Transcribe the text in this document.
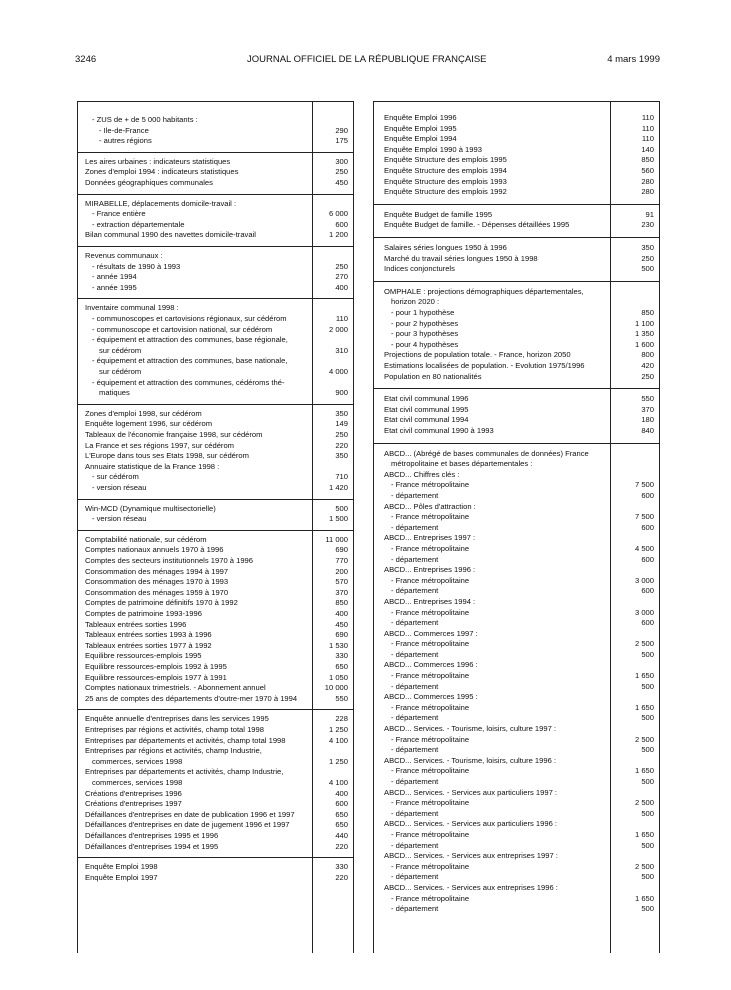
3246	JOURNAL OFFICIEL DE LA RÉPUBLIQUE FRANÇAISE	4 mars 1999
- ZUS de + de 5 000 habitants :
- Ile-de-France	290
- autres régions	175
Les aires urbaines : indicateurs statistiques	300
Zones d'emploi 1994 : indicateurs statistiques	250
Données géographiques communales	450
MIRABELLE, déplacements domicile-travail :
- France entière	6 000
- extraction départementale	600
Bilan communal 1990 des navettes domicile-travail	1 200
Revenus communaux :
- résultats de 1990 à 1993	250
- année 1994	270
- année 1995	400
Inventaire communal 1998 :
- communoscopes et cartovisions régionaux, sur cédérom	110
- communoscope et cartovision national, sur cédérom	2 000
- équipement et attraction des communes, base régionale,
sur cédérom	310
- équipement et attraction des communes, base nationale,
sur cédérom	4 000
- équipement et attraction des communes, cédéroms thé-
matiques	900
Zones d'emploi 1998, sur cédérom	350
Enquête logement 1996, sur cédérom	149
Tableaux de l'économie française 1998, sur cédérom	250
La France et ses régions 1997, sur cédérom	220
L'Europe dans tous ses Etats 1998, sur cédérom	350
Annuaire statistique de la France 1998 :
- sur cédérom	710
- version réseau	1 420
Win-MCD (Dynamique multisectorielle)	500
- version réseau	1 500
Comptabilité nationale, sur cédérom	11 000
Comptes nationaux annuels 1970 à 1996	690
Comptes des secteurs institutionnels 1970 à 1996	770
Consommation des ménages 1994 à 1997	200
Consommation des ménages 1970 à 1993	570
Consommation des ménages 1959 à 1970	370
Comptes de patrimoine définitifs 1970 à 1992	850
Comptes de patrimoine 1993-1996	400
Tableaux entrées sorties 1996	450
Tableaux entrées sorties 1993 à 1996	690
Tableaux entrées sorties 1977 à 1992	1 530
Equilibre ressources-emplois 1995	330
Equilibre ressources-emplois 1992 à 1995	650
Equilibre ressources-emplois 1977 à 1991	1 050
Comptes nationaux trimestriels. - Abonnement annuel	10 000
25 ans de comptes des départements d'outre-mer 1970 à 1994	550
Enquête annuelle d'entreprises dans les services 1995	228
Entreprises par régions et activités, champ total 1998	1 250
Entreprises par départements et activités, champ total 1998	4 100
Entreprises par régions et activités, champ Industrie,
commerces, services 1998	1 250
Entreprises par départements et activités, champ Industrie,
commerces, services 1998	4 100
Créations d'entreprises 1996	400
Créations d'entreprises 1997	600
Défaillances d'entreprises en date de publication 1996 et 1997	650
Défaillances d'entreprises en date de jugement 1996 et 1997	650
Défaillances d'entreprises 1995 et 1996	440
Défaillances d'entreprises 1994 et 1995	220
Enquête Emploi 1998	330
Enquête Emploi 1997	220
Enquête Emploi 1996	110
Enquête Emploi 1995	110
Enquête Emploi 1994	110
Enquête Emploi 1990 à 1993	140
Enquête Structure des emplois 1995	850
Enquête Structure des emplois 1994	560
Enquête Structure des emplois 1993	280
Enquête Structure des emplois 1992	280
Enquête Budget de famille 1995	91
Enquête Budget de famille. - Dépenses détaillées 1995	230
Salaires séries longues 1950 à 1996	350
Marché du travail séries longues 1950 à 1998	250
Indices conjoncturels	500
OMPHALE : projections démographiques départementales,
horizon 2020 :
- pour 1 hypothèse	850
- pour 2 hypothèses	1 100
- pour 3 hypothèses	1 350
- pour 4 hypothèses	1 600
Projections de population totale. - France, horizon 2050	800
Estimations localisées de population. - Evolution 1975/1996	420
Population en 80 nationalités	250
Etat civil communal 1996	550
Etat civil communal 1995	370
Etat civil communal 1994	180
Etat civil communal 1990 à 1993	840
ABCD... (Abrégé de bases communales de données) France
métropolitaine et bases départementales :
ABCD... Chiffres clés :
- France métropolitaine	7 500
- département	600
ABCD... Pôles d'attraction :
- France métropolitaine	7 500
- département	600
ABCD... Entreprises 1997 :
- France métropolitaine	4 500
- département	600
ABCD... Entreprises 1996 :
- France métropolitaine	3 000
- département	600
ABCD... Entreprises 1994 :
- France métropolitaine	3 000
- département	600
ABCD... Commerces 1997 :
- France métropolitaine	2 500
- département	500
ABCD... Commerces 1996 :
- France métropolitaine	1 650
- département	500
ABCD... Commerces 1995 :
- France métropolitaine	1 650
- département	500
ABCD... Services. - Tourisme, loisirs, culture 1997 :
- France métropolitaine	2 500
- département	500
ABCD... Services. - Tourisme, loisirs, culture 1996 :
- France métropolitaine	1 650
- département	500
ABCD... Services. - Services aux particuliers 1997 :
- France métropolitaine	2 500
- département	500
ABCD... Services. - Services aux particuliers 1996 :
- France métropolitaine	1 650
- département	500
ABCD... Services. - Services aux entreprises 1997 :
- France métropolitaine	2 500
- département	500
ABCD... Services. - Services aux entreprises 1996 :
- France métropolitaine	1 650
- département	500
